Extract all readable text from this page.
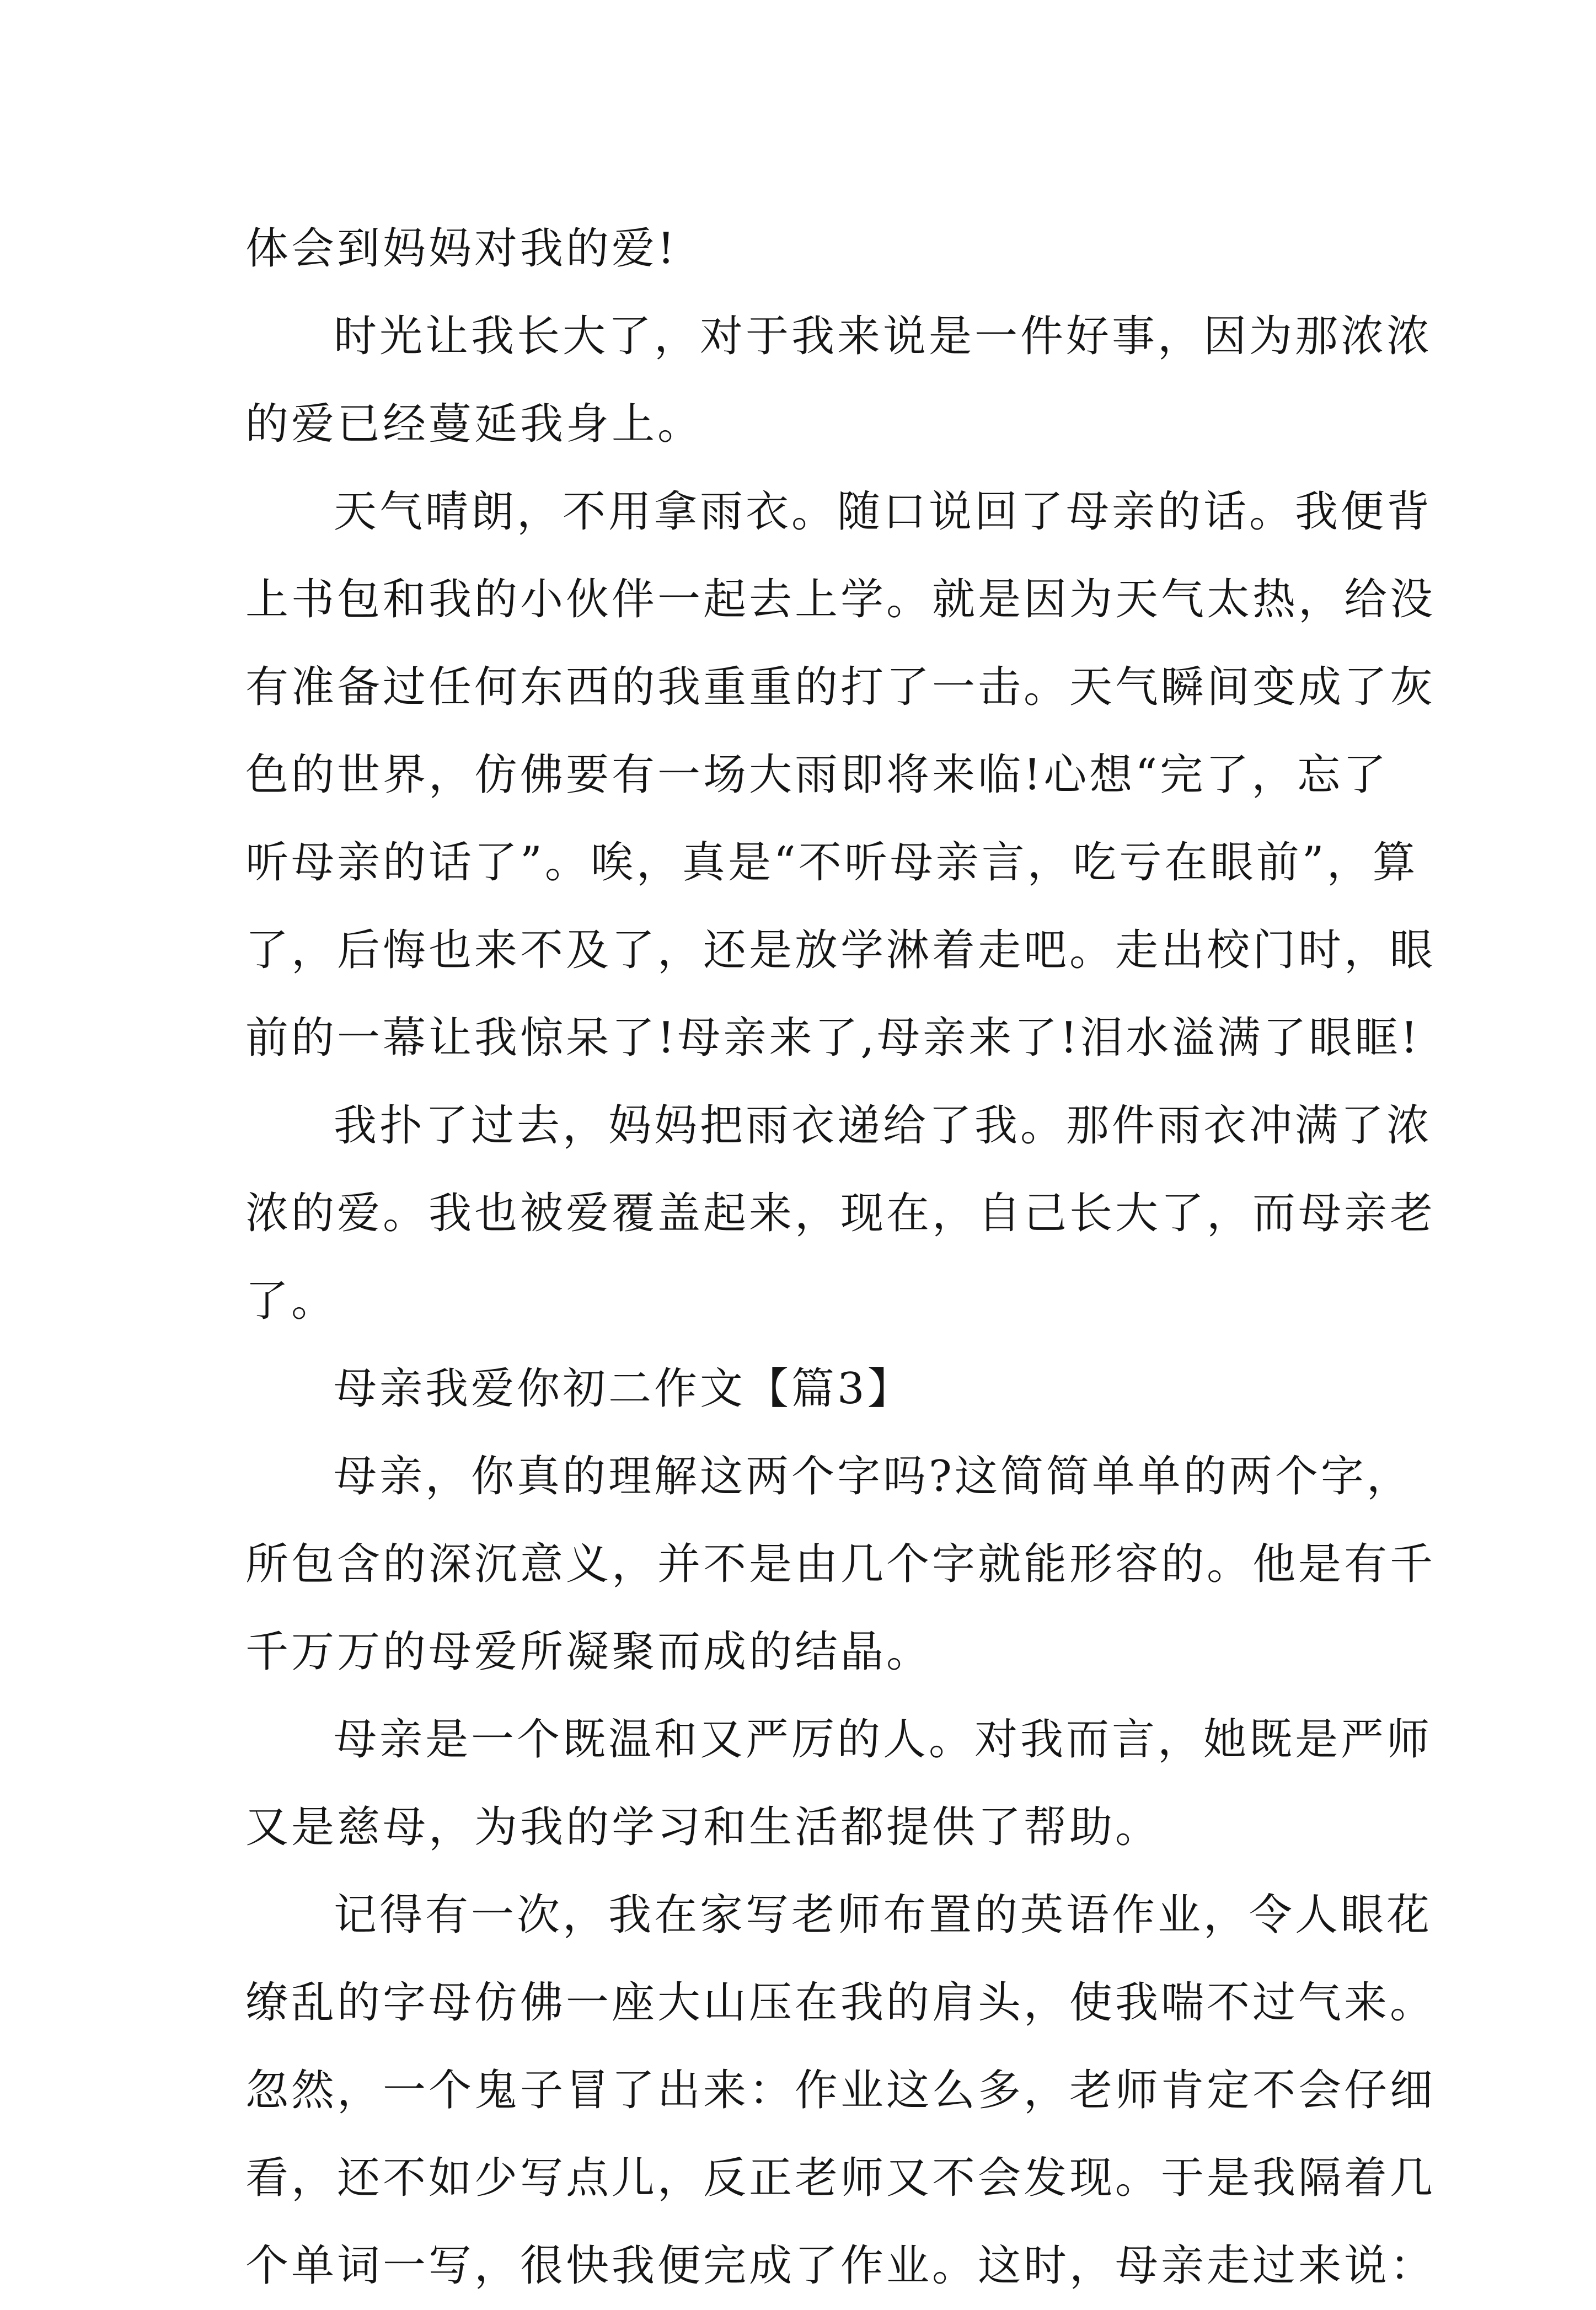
体会到妈妈对我的爱!
时光让我长大了，对于我来说是一件好事，因为那浓浓
的爱已经蔓延我身上。
天气晴朗，不用拿雨衣。随口说回了母亲的话。我便背
上书包和我的小伙伴一起去上学。就是因为天气太热，给没
有准备过任何东西的我重重的打了一击。天气瞬间变成了灰
色的世界，仿佛要有一场大雨即将来临!心想“完了，忘了
听母亲的话了”。唉，真是“不听母亲言，吃亏在眼前”，算
了，后悔也来不及了，还是放学淋着走吧。走出校门时，眼
前的一幕让我惊呆了!母亲来了,母亲来了!泪水溢满了眼眶!
我扑了过去，妈妈把雨衣递给了我。那件雨衣冲满了浓
浓的爱。我也被爱覆盖起来，现在，自己长大了，而母亲老
了。
母亲我爱你初二作文【篇3】
母亲，你真的理解这两个字吗?这简简单单的两个字，
所包含的深沉意义，并不是由几个字就能形容的。他是有千
千万万的母爱所凝聚而成的结晶。
母亲是一个既温和又严厉的人。对我而言，她既是严师
又是慈母，为我的学习和生活都提供了帮助。
记得有一次，我在家写老师布置的英语作业，令人眼花
缭乱的字母仿佛一座大山压在我的肩头，使我喘不过气来。
忽然，一个鬼子冒了出来：作业这么多，老师肯定不会仔细
看，还不如少写点儿，反正老师又不会发现。于是我隔着几
个单词一写，很快我便完成了作业。这时，母亲走过来说：
